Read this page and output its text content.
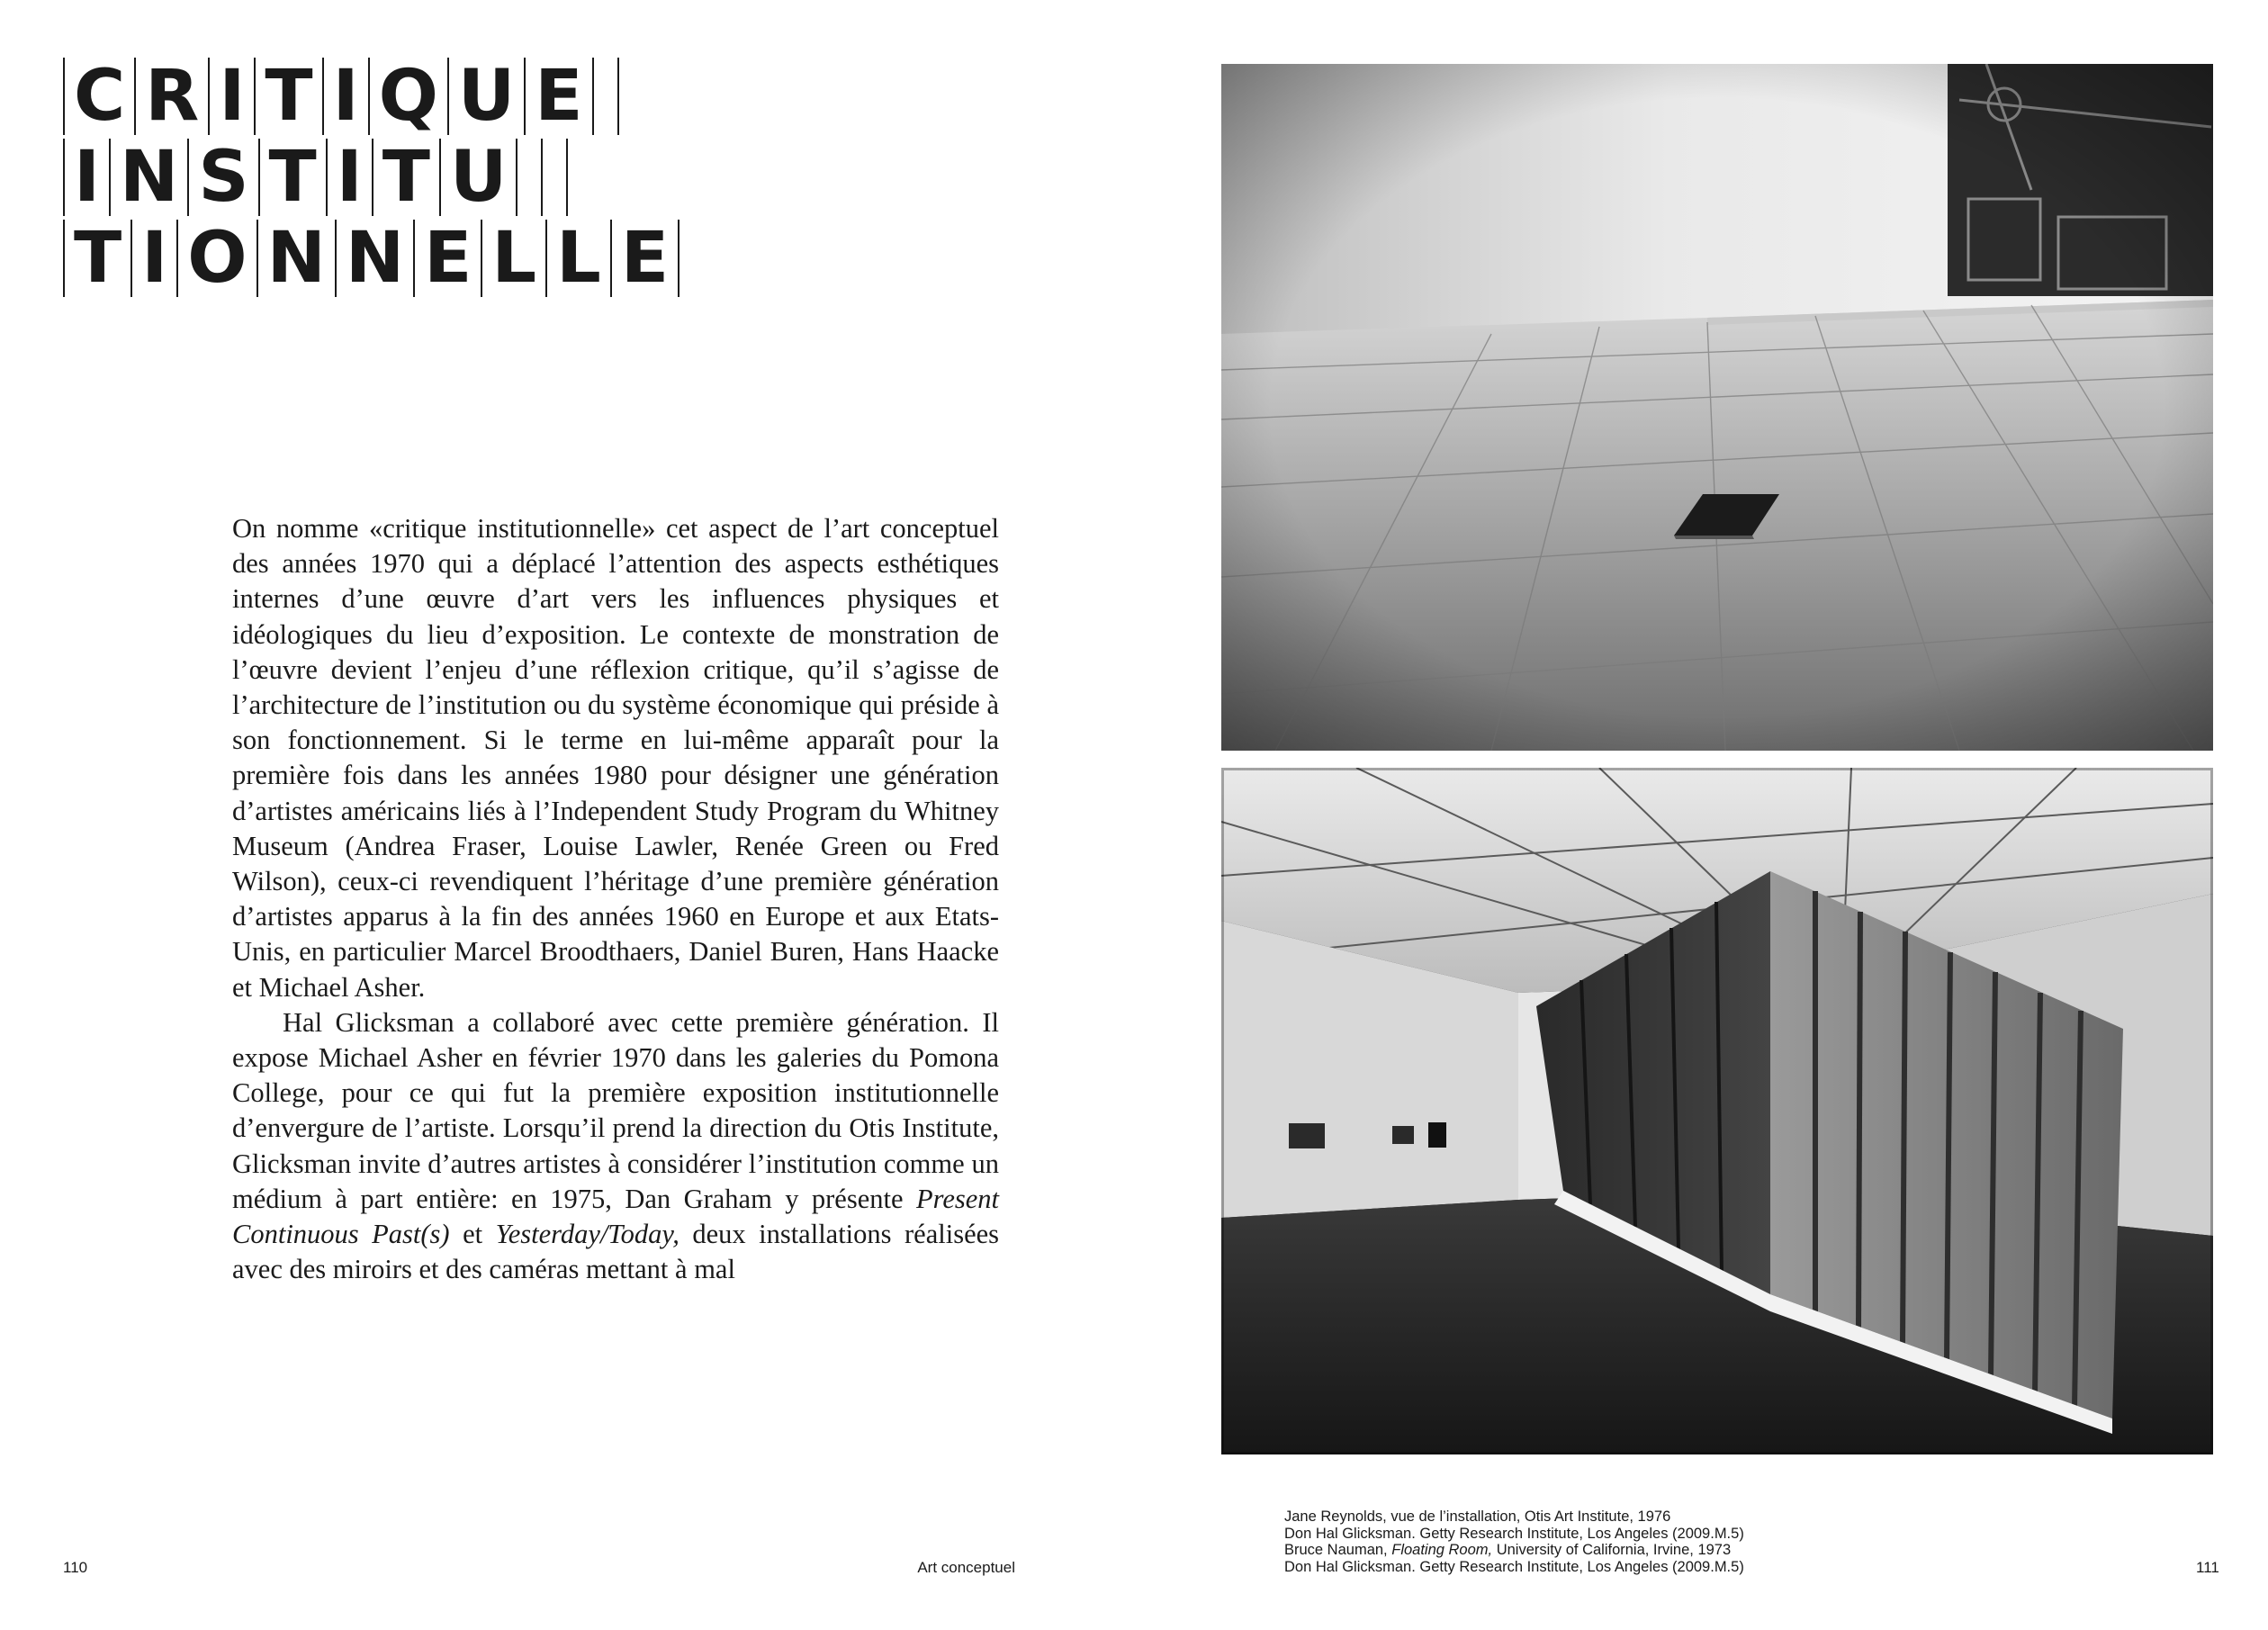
C R I T I Q U E
I N S T I T U
T I O N N E L L E

On nomme «critique institutionnelle» cet aspect de l’art conceptuel des années 1970 qui a déplacé l’attention des aspects esthétiques internes d’une œuvre d’art vers les influences physiques et idéologiques du lieu d’exposition. Le contexte de monstration de l’œuvre devient l’enjeu d’une réflexion critique, qu’il s’agisse de l’architecture de l’institution ou du système économique qui préside à son fonctionnement. Si le terme en lui-même apparaît pour la première fois dans les années 1980 pour désigner une génération d’artistes américains liés à l’Independent Study Program du Whitney Museum (Andrea Fraser, Louise Lawler, Renée Green ou Fred Wilson), ceux-ci revendiquent l’héritage d’une première génération d’artistes apparus à la fin des années 1960 en Europe et aux Etats-Unis, en particulier Marcel Broodthaers, Daniel Buren, Hans Haacke et Michael Asher.

Hal Glicksman a collaboré avec cette première génération. Il expose Michael Asher en février 1970 dans les galeries du Pomona College, pour ce qui fut la première exposition institutionnelle d’envergure de l’artiste. Lorsqu’il prend la direction du Otis Institute, Glicksman invite d’autres artistes à considérer l’institution comme un médium à part entière: en 1975, Dan Graham y présente Present Continuous Past(s) et Yesterday/Today, deux installations réalisées avec des miroirs et des caméras mettant à mal

Jane Reynolds, vue de l’installation, Otis Art Institute, 1976
Don Hal Glicksman. Getty Research Institute, Los Angeles (2009.M.5)
Bruce Nauman, Floating Room, University of California, Irvine, 1973
Don Hal Glicksman. Getty Research Institute, Los Angeles (2009.M.5)
110	Art conceptuel	111
